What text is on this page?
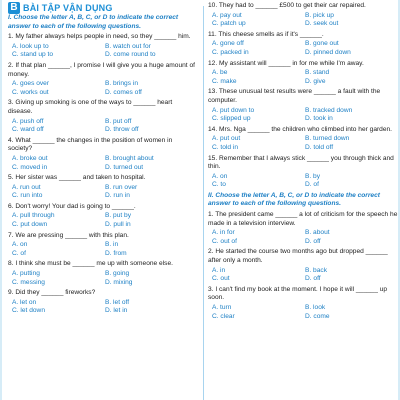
B BÀI TẬP VẬN DỤNG

I. Choose the letter A, B, C, or D to indicate the correct answer to each of the following questions.

1. My father always helps people in need, so they ______ him.

A. look up to	B. watch out for
C. stand up to	D. come round to

2. If that plan ______, I promise I will give you a huge amount of money.

A. goes over	B. brings in
C. works out	D. comes off

3. Giving up smoking is one of the ways to ______ heart disease.

A. push off	B. put off
C. ward off	D. throw off

4. What ______ the changes in the position of women in society?

A. broke out	B. brought about
C. moved in	D. turned out

5. Her sister was ______ and taken to hospital.

A. run out	B. run over
C. run into	D. run in

6. Don't worry! Your dad is going to ______.

A. pull through	B. put by
C. put down	D. pull in

7. We are pressing ______ with this plan.

A. on	B. in
C. of	D. from

8. I think she must be ______ me up with someone else.

A. putting	B. going
C. messing	D. mixing

9. Did they ______ fireworks?

A. let on	B. let off
C. let down	D. let in

10. They had to ______ £500 to get their car repaired.

A. pay out	B. pick up
C. patch up	D. seek out

11. This cheese smells as if it's ______.

A. gone off	B. gone out
C. packed in	D. pinned down

12. My assistant will ______ in for me while I'm away.

A. be	B. stand
C. make	D. give

13. These unusual test results were ______ a fault with the computer.

A. put down to	B. tracked down
C. slipped up	D. took in

14. Mrs. Nga ______ the children who climbed into her garden.

A. put out	B. turned down
C. told in	D. told off

15. Remember that I always stick ______ you through thick and thin.

A. on	B. by
C. to	D. of

II. Choose the letter A, B, C, or D to indicate the correct answer to each of the following questions.

1. The president came ______ a lot of criticism for the speech he made in a television interview.

A. in for	B. about
C. out of	D. off

2. He started the course two months ago but dropped ______ after only a month.

A. in	B. back
C. out	D. off

3. I can't find my book at the moment. I hope it will ______ up soon.

A. turn	B. look
C. clear	D. come
